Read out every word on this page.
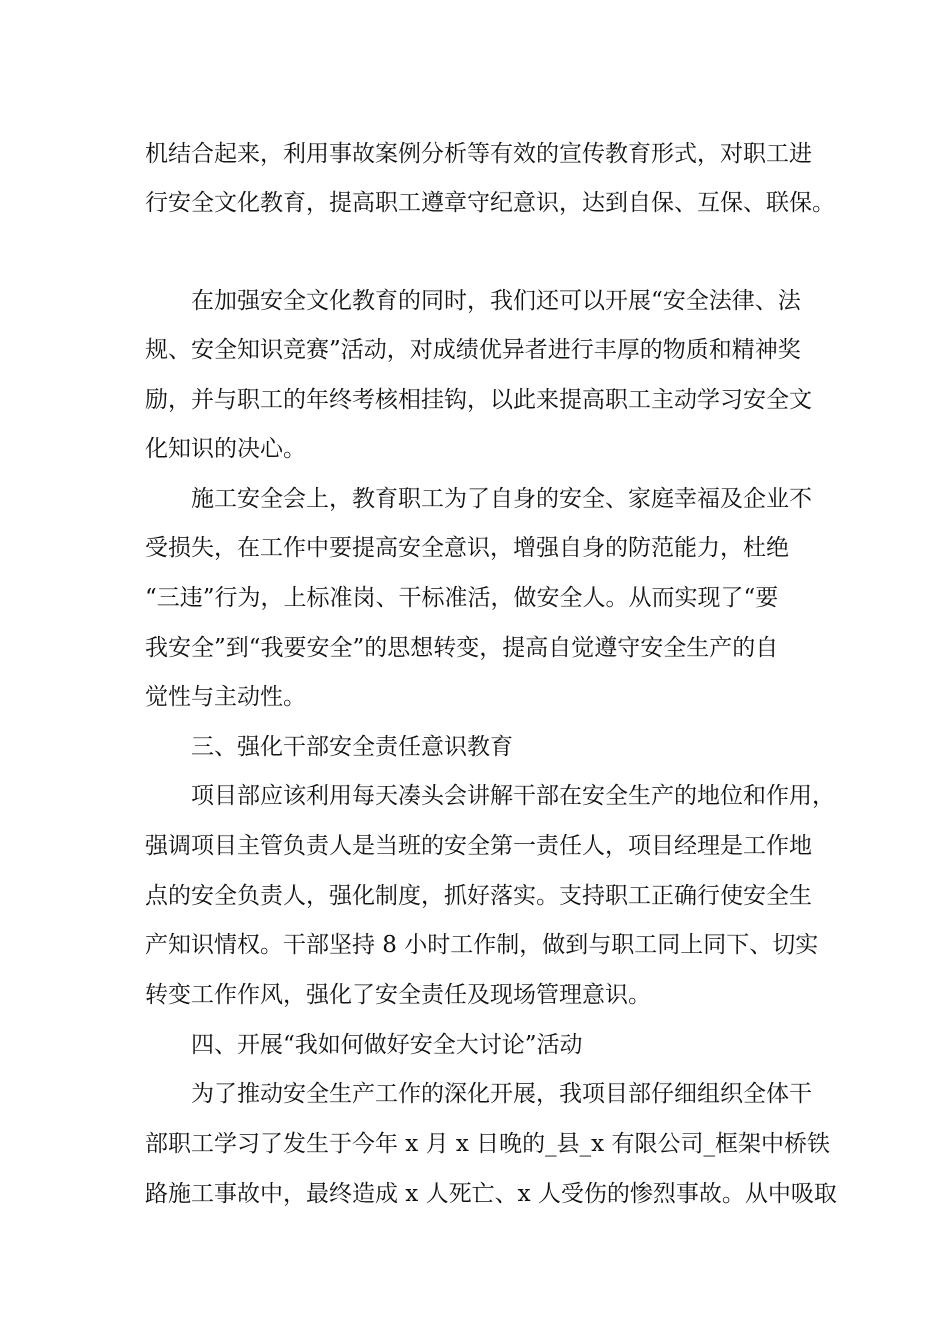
机结合起来，利用事故案例分析等有效的宣传教育形式，对职工进
行安全文化教育，提高职工遵章守纪意识，达到自保、互保、联保。
在加强安全文化教育的同时，我们还可以开展“安全法律、法
规、安全知识竞赛”活动，对成绩优异者进行丰厚的物质和精神奖
励，并与职工的年终考核相挂钩，以此来提高职工主动学习安全文
化知识的决心。
施工安全会上，教育职工为了自身的安全、家庭幸福及企业不
受损失，在工作中要提高安全意识，增强自身的防范能力，杜绝
“三违”行为，上标准岗、干标准活，做安全人。从而实现了“要
我安全”到“我要安全”的思想转变，提高自觉遵守安全生产的自
觉性与主动性。
三、强化干部安全责任意识教育
项目部应该利用每天凑头会讲解干部在安全生产的地位和作用，
强调项目主管负责人是当班的安全第一责任人，项目经理是工作地
点的安全负责人，强化制度，抓好落实。支持职工正确行使安全生
产知识情权。干部坚持 8 小时工作制，做到与职工同上同下、切实
转变工作作风，强化了安全责任及现场管理意识。
四、开展“我如何做好安全大讨论”活动
为了推动安全生产工作的深化开展，我项目部仔细组织全体干
部职工学习了发生于今年 x 月 x 日晚的_县_x 有限公司_框架中桥铁
路施工事故中，最终造成 x 人死亡、x 人受伤的惨烈事故。从中吸取
